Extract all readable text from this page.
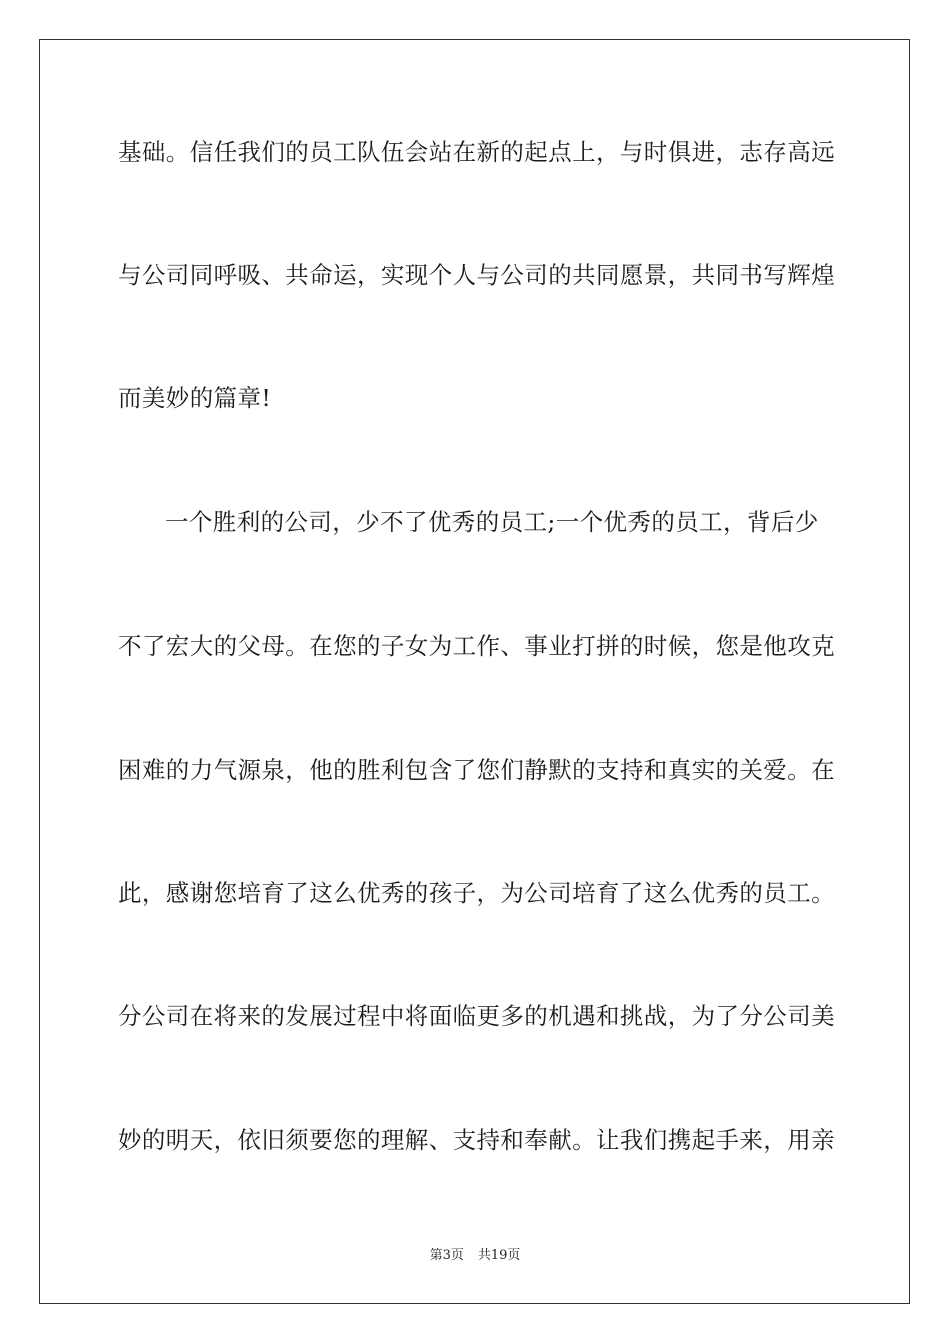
基础。信任我们的员工队伍会站在新的起点上，与时俱进，志存高远
与公司同呼吸、共命运，实现个人与公司的共同愿景，共同书写辉煌
而美妙的篇章!
一个胜利的公司，少不了优秀的员工;一个优秀的员工，背后少
不了宏大的父母。在您的子女为工作、事业打拼的时候，您是他攻克
困难的力气源泉，他的胜利包含了您们静默的支持和真实的关爱。在
此，感谢您培育了这么优秀的孩子，为公司培育了这么优秀的员工。
分公司在将来的发展过程中将面临更多的机遇和挑战，为了分公司美
妙的明天，依旧须要您的理解、支持和奉献。让我们携起手来，用亲
第3页 共19页
